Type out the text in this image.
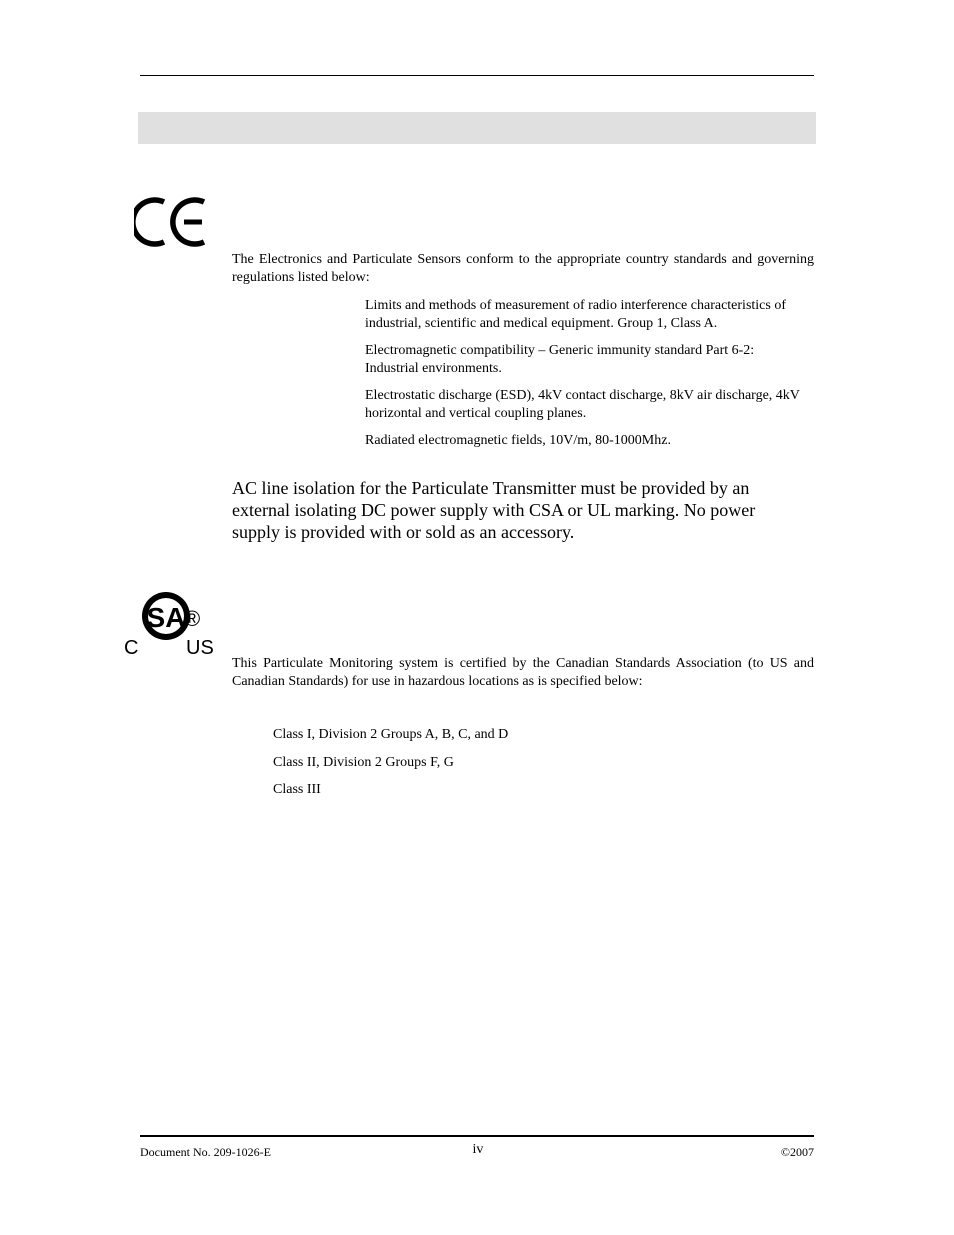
The Electronics and Particulate Sensors conform to the appropriate country standards and governing regulations listed below:
Limits and methods of measurement of radio interference characteristics of industrial, scientific and medical equipment. Group 1, Class A.
Electromagnetic compatibility – Generic immunity standard Part 6-2: Industrial environments.
Electrostatic discharge (ESD), 4kV contact discharge, 8kV air discharge, 4kV horizontal and vertical coupling planes.
Radiated electromagnetic fields, 10V/m, 80-1000Mhz.
AC line isolation for the Particulate Transmitter must be provided by an external isolating DC power supply with CSA or UL marking. No power supply is provided with or sold as an accessory.
SA
®
C US
This Particulate Monitoring system is certified by the Canadian Standards Association (to US and Canadian Standards) for use in hazardous locations as is specified below:
Class I, Division 2 Groups A, B, C, and D
Class II, Division 2 Groups F, G
Class III
Document No. 209-1026-E	iv	©2007
